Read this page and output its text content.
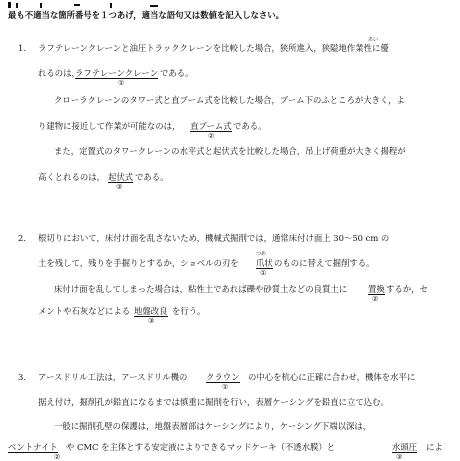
最も不適当な箇所番号を１つあげ，適当な語句又は数値を記入しなさい。
1. ラフテレーンクレーンと油圧トラッククレーンを比較した場合，狭所進入，狭隘地作業性に優
あい
れるのは，
ラフテレーンクレーン である。
①
クローラクレーンのタワー式と直ブーム式を比較した場合，ブーム下のふところが大きく，よ
り建物に接近して作業が可能なのは， 直ブーム式 である。
②
また，定置式のタワークレーンの水平式と起伏式を比較した場合，吊上げ荷重が大きく揚程が
高くとれるのは， 起伏式 である。
③
2. 根切りにおいて，床付け面を乱さないため，機械式掘削では，通常床付け面上 30～50 cm の
つめ
土を残して，残りを手掘りとするか，ショベルの刃を 爪状 のものに替えて掘削する。
①
床付け面を乱してしまった場合は，粘性土であれば礫や砂質土などの良質土に 置換 するか，セ
②
メントや石灰などによる 地盤改良 を行う。
③
3. アースドリル工法は，アースドリル機の クラウン の中心を杭心に正確に合わせ，機体を水平に
①
据え付け，掘削孔が鉛直になるまでは慎重に掘削を行い，表層ケーシングを鉛直に立て込む。
一般に掘削孔壁の保護は，地盤表層部はケーシングにより，ケーシング下端以深は，
ベントナイト や CMC を主体とする安定液によりできるマッドケーキ（不透水膜）と	水頭圧 によ
②	③
